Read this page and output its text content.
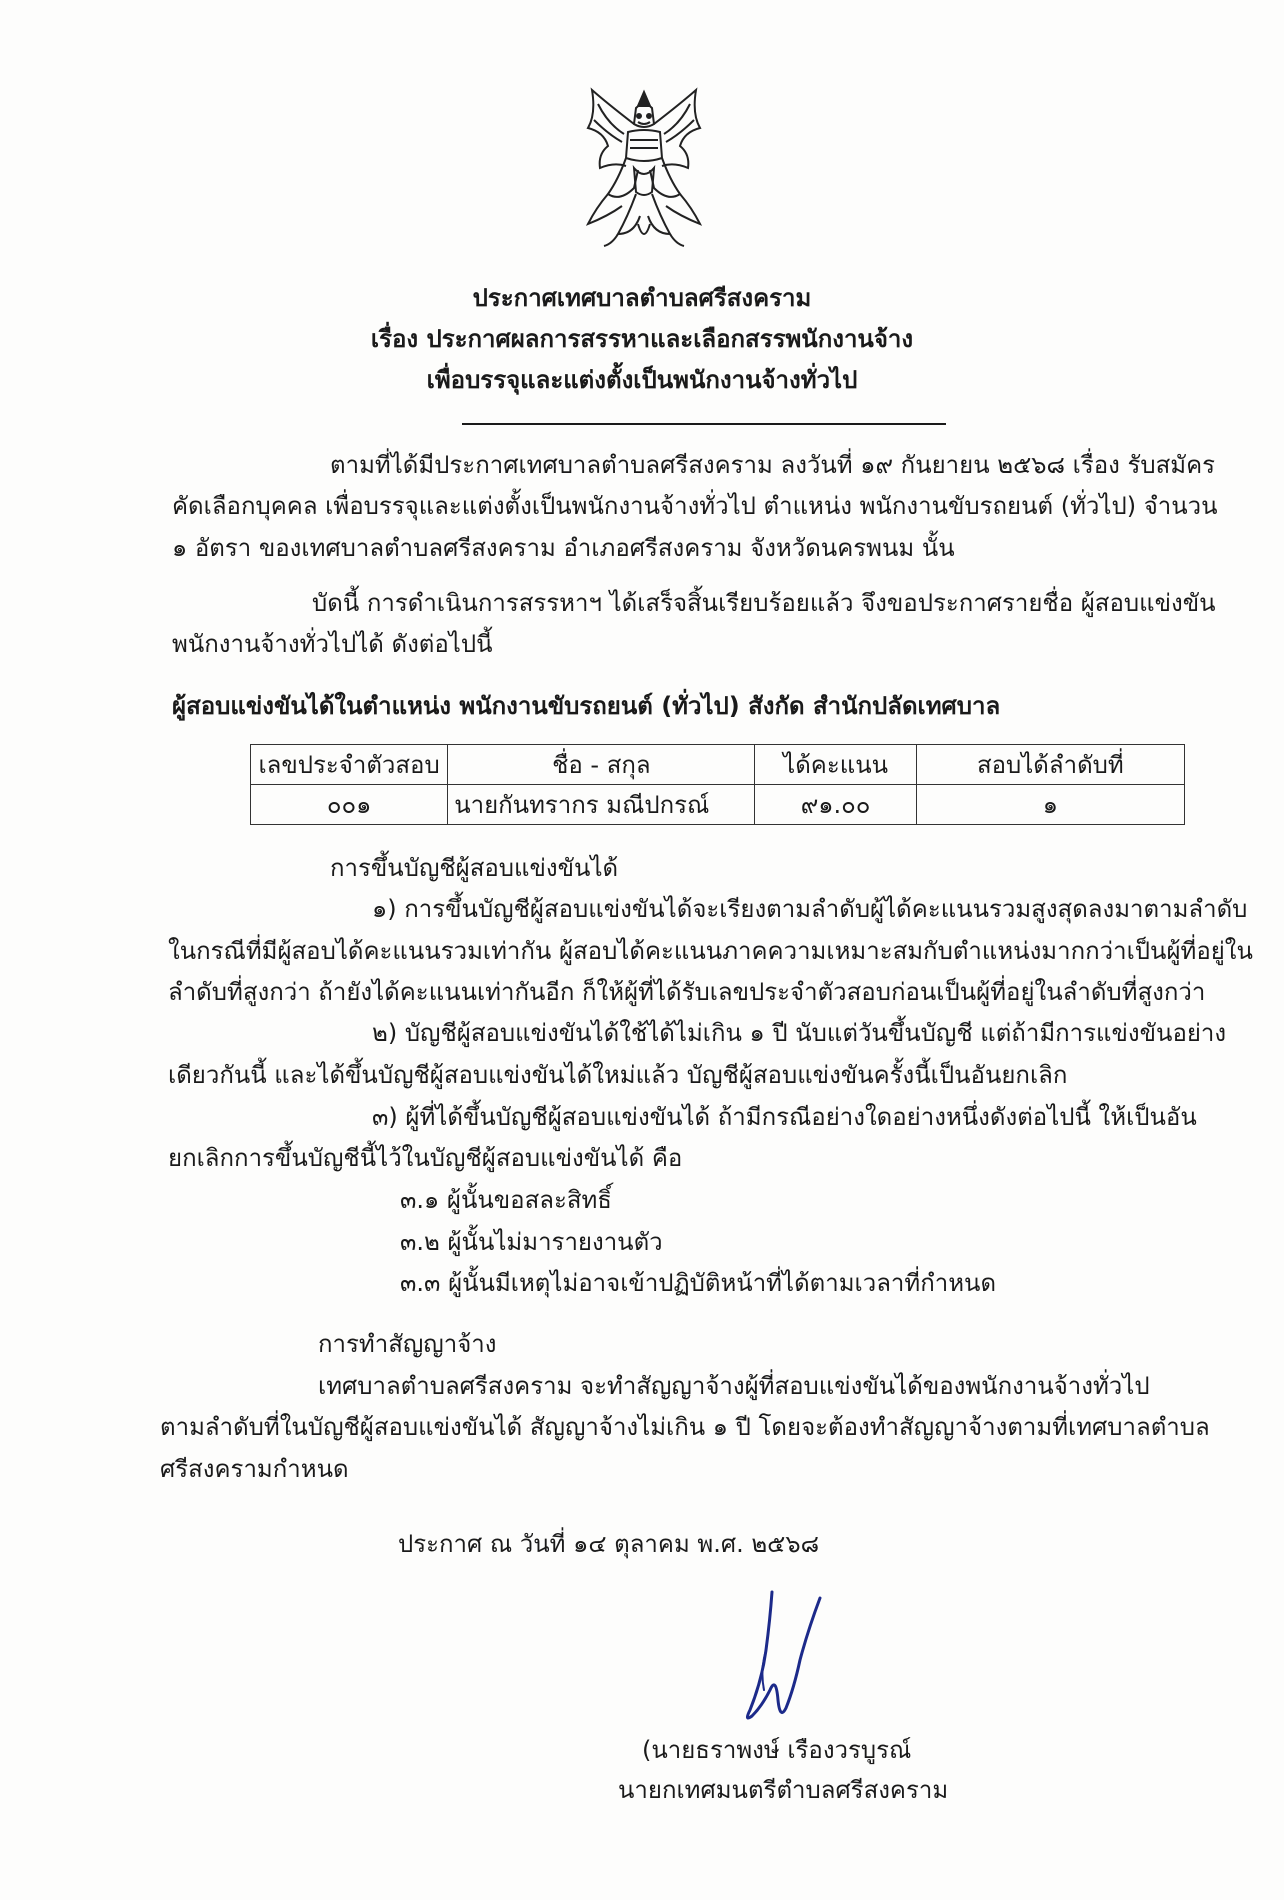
ประกาศเทศบาลตำบลศรีสงคราม
เรื่อง ประกาศผลการสรรหาและเลือกสรรพนักงานจ้าง
เพื่อบรรจุและแต่งตั้งเป็นพนักงานจ้างทั่วไป
ตามที่ได้มีประกาศเทศบาลตำบลศรีสงคราม ลงวันที่ ๑๙ กันยายน ๒๕๖๘ เรื่อง รับสมัคร
คัดเลือกบุคคล เพื่อบรรจุและแต่งตั้งเป็นพนักงานจ้างทั่วไป ตำแหน่ง พนักงานขับรถยนต์ (ทั่วไป) จำนวน
๑ อัตรา ของเทศบาลตำบลศรีสงคราม อำเภอศรีสงคราม จังหวัดนครพนม นั้น
บัดนี้ การดำเนินการสรรหาฯ ได้เสร็จสิ้นเรียบร้อยแล้ว จึงขอประกาศรายชื่อ ผู้สอบแข่งขัน
พนักงานจ้างทั่วไปได้ ดังต่อไปนี้
ผู้สอบแข่งขันได้ในตำแหน่ง พนักงานขับรถยนต์ (ทั่วไป) สังกัด สำนักปลัดเทศบาล
เลขประจำตัวสอบ	ชื่อ - สกุล	ได้คะแนน	สอบได้ลำดับที่
๐๐๑	นายกันทรากร มณีปกรณ์	๙๑.๐๐	๑
การขึ้นบัญชีผู้สอบแข่งขันได้
๑) การขึ้นบัญชีผู้สอบแข่งขันได้จะเรียงตามลำดับผู้ได้คะแนนรวมสูงสุดลงมาตามลำดับ
ในกรณีที่มีผู้สอบได้คะแนนรวมเท่ากัน ผู้สอบได้คะแนนภาคความเหมาะสมกับตำแหน่งมากกว่าเป็นผู้ที่อยู่ใน
ลำดับที่สูงกว่า ถ้ายังได้คะแนนเท่ากันอีก ก็ให้ผู้ที่ได้รับเลขประจำตัวสอบก่อนเป็นผู้ที่อยู่ในลำดับที่สูงกว่า
๒) บัญชีผู้สอบแข่งขันได้ใช้ได้ไม่เกิน ๑ ปี นับแต่วันขึ้นบัญชี แต่ถ้ามีการแข่งขันอย่าง
เดียวกันนี้ และได้ขึ้นบัญชีผู้สอบแข่งขันได้ใหม่แล้ว บัญชีผู้สอบแข่งขันครั้งนี้เป็นอันยกเลิก
๓) ผู้ที่ได้ขึ้นบัญชีผู้สอบแข่งขันได้ ถ้ามีกรณีอย่างใดอย่างหนึ่งดังต่อไปนี้ ให้เป็นอัน
ยกเลิกการขึ้นบัญชีนี้ไว้ในบัญชีผู้สอบแข่งขันได้ คือ
๓.๑ ผู้นั้นขอสละสิทธิ์
๓.๒ ผู้นั้นไม่มารายงานตัว
๓.๓ ผู้นั้นมีเหตุไม่อาจเข้าปฏิบัติหน้าที่ได้ตามเวลาที่กำหนด
การทำสัญญาจ้าง
เทศบาลตำบลศรีสงคราม จะทำสัญญาจ้างผู้ที่สอบแข่งขันได้ของพนักงานจ้างทั่วไป
ตามลำดับที่ในบัญชีผู้สอบแข่งขันได้ สัญญาจ้างไม่เกิน ๑ ปี โดยจะต้องทำสัญญาจ้างตามที่เทศบาลตำบล
ศรีสงครามกำหนด
ประกาศ ณ วันที่ ๑๔ ตุลาคม พ.ศ. ๒๕๖๘
(นายธราพงษ์ เรืองวรบูรณ์
นายกเทศมนตรีตำบลศรีสงคราม
